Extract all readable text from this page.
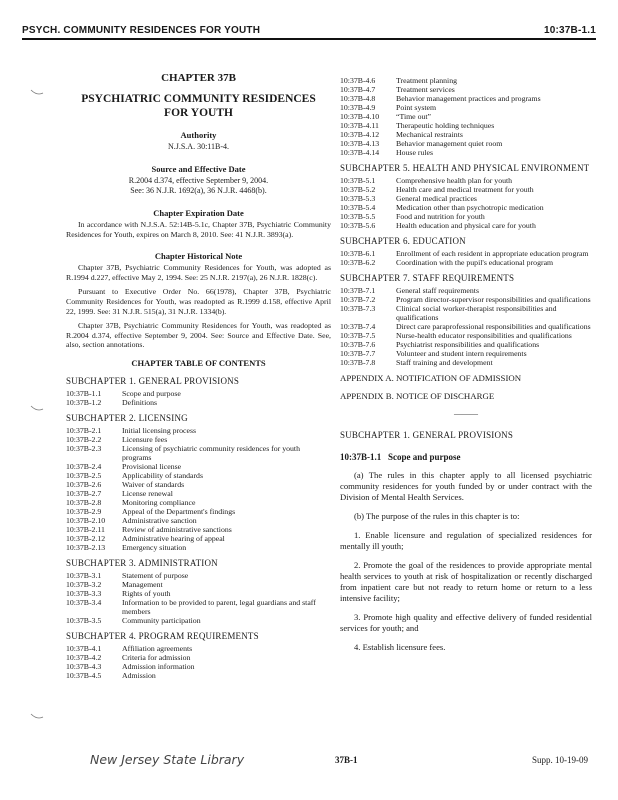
PSYCH. COMMUNITY RESIDENCES FOR YOUTH	10:37B-1.1
CHAPTER 37B
PSYCHIATRIC COMMUNITY RESIDENCES
FOR YOUTH
Authority
N.J.S.A. 30:11B-4.
Source and Effective Date
R.2004 d.374, effective September 9, 2004.
See: 36 N.J.R. 1692(a), 36 N.J.R. 4468(b).
Chapter Expiration Date

In accordance with N.J.S.A. 52:14B-5.1c, Chapter 37B, Psychiatric Community Residences for Youth, expires on March 8, 2010. See: 41 N.J.R. 3893(a).

Chapter Historical Note

Chapter 37B, Psychiatric Community Residences for Youth, was adopted as R.1994 d.227, effective May 2, 1994. See: 25 N.J.R. 2197(a), 26 N.J.R. 1828(c).

Pursuant to Executive Order No. 66(1978), Chapter 37B, Psychiatric Community Residences for Youth, was readopted as R.1999 d.158, effective April 22, 1999. See: 31 N.J.R. 515(a), 31 N.J.R. 1334(b).

Chapter 37B, Psychiatric Community Residences for Youth, was readopted as R.2004 d.374, effective September 9, 2004. See: Source and Effective Date. See, also, section annotations.

CHAPTER TABLE OF CONTENTS
SUBCHAPTER 1. GENERAL PROVISIONS
10:37B-1.1	Scope and purpose
10:37B-1.2	Definitions
SUBCHAPTER 2. LICENSING
10:37B-2.1	Initial licensing process
10:37B-2.2	Licensure fees
10:37B-2.3	Licensing of psychiatric community residences for youth programs
10:37B-2.4	Provisional license
10:37B-2.5	Applicability of standards
10:37B-2.6	Waiver of standards
10:37B-2.7	License renewal
10:37B-2.8	Monitoring compliance
10:37B-2.9	Appeal of the Department's findings
10:37B-2.10	Administrative sanction
10:37B-2.11	Review of administrative sanctions
10:37B-2.12	Administrative hearing of appeal
10:37B-2.13	Emergency situation
SUBCHAPTER 3. ADMINISTRATION
10:37B-3.1	Statement of purpose
10:37B-3.2	Management
10:37B-3.3	Rights of youth
10:37B-3.4	Information to be provided to parent, legal guardians and staff members
10:37B-3.5	Community participation
SUBCHAPTER 4. PROGRAM REQUIREMENTS
10:37B-4.1	Affiliation agreements
10:37B-4.2	Criteria for admission
10:37B-4.3	Admission information
10:37B-4.5	Admission
10:37B-4.6	Treatment planning
10:37B-4.7	Treatment services
10:37B-4.8	Behavior management practices and programs
10:37B-4.9	Point system
10:37B-4.10	“Time out”
10:37B-4.11	Therapeutic holding techniques
10:37B-4.12	Mechanical restraints
10:37B-4.13	Behavior management quiet room
10:37B-4.14	House rules
SUBCHAPTER 5. HEALTH AND PHYSICAL ENVIRONMENT
10:37B-5.1	Comprehensive health plan for youth
10:37B-5.2	Health care and medical treatment for youth
10:37B-5.3	General medical practices
10:37B-5.4	Medication other than psychotropic medication
10:37B-5.5	Food and nutrition for youth
10:37B-5.6	Health education and physical care for youth
SUBCHAPTER 6. EDUCATION
10:37B-6.1	Enrollment of each resident in appropriate education program
10:37B-6.2	Coordination with the pupil's educational program
SUBCHAPTER 7. STAFF REQUIREMENTS
10:37B-7.1	General staff requirements
10:37B-7.2	Program director-supervisor responsibilities and qualifications
10:37B-7.3	Clinical social worker-therapist responsibilities and qualifications
10:37B-7.4	Direct care paraprofessional responsibilities and qualifications
10:37B-7.5	Nurse-health educator responsibilities and qualifications
10:37B-7.6	Psychiatrist responsibilities and qualifications
10:37B-7.7	Volunteer and student intern requirements
10:37B-7.8	Staff training and development
APPENDIX A. NOTIFICATION OF ADMISSION
APPENDIX B. NOTICE OF DISCHARGE
———
SUBCHAPTER 1. GENERAL PROVISIONS
10:37B-1.1 Scope and purpose

(a) The rules in this chapter apply to all licensed psychiatric community residences for youth funded by or under contract with the Division of Mental Health Services.

(b) The purpose of the rules in this chapter is to:

1. Enable licensure and regulation of specialized residences for mentally ill youth;

2. Promote the goal of the residences to provide appropriate mental health services to youth at risk of hospitalization or recently discharged from inpatient care but not ready to return home or return to a less intensive facility;

3. Promote high quality and effective delivery of funded residential services for youth; and

4. Establish licensure fees.

New Jersey State Library	37B-1	Supp. 10-19-09
